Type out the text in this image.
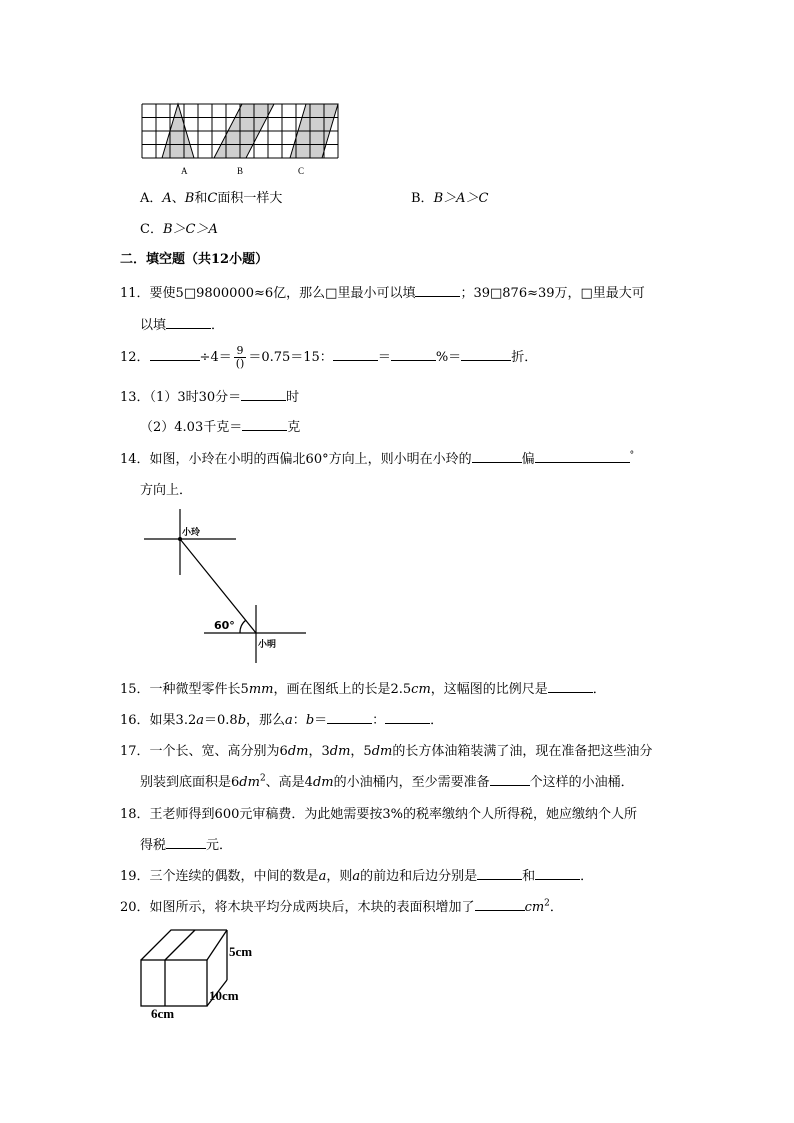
A	B	C
A．A、B和C面积一样大	B．B＞A＞C
C．B＞C＞A
二．填空题（共12小题）
11．要使5□9800000≈6亿，那么□里最小可以填	；39□876≈39万，□里最大可
以填	．
12．	$\div 4= \frac{9}{()} =0.75=15$：	＝	%＝	折．
13．（1）3时30分＝	时
（2）4.03千克＝	克
14．如图，小玲在小明的西偏北60°方向上，则小明在小玲的	偏	°
方向上．
小玲
小明
60°
15．一种微型零件长5mm，画在图纸上的长是2.5cm，这幅图的比例尺是	．
16．如果3.2a＝0.8b，那么a：b＝	：	．
17．一个长、宽、高分别为6dm，3dm，5dm的长方体油箱装满了油，现在准备把这些油分
别装到底面积是$6dm^2$、高是4dm的小油桶内，至少需要准备	个这样的小油桶．
18．王老师得到600元审稿费．为此她需要按3%的税率缴纳个人所得税，她应缴纳个人所
得税	元．
19．三个连续的偶数，中间的数是a，则a的前边和后边分别是	和	．
20．如图所示，将木块平均分成两块后，木块的表面积增加了	$cm^2$．
5cm
10cm
6cm
